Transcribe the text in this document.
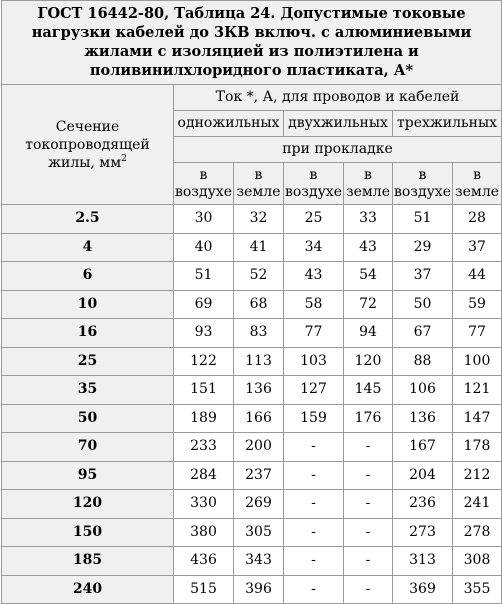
ГОСТ 16442-80, Таблица 24. Допустимые токовые нагрузки кабелей до 3КВ включ. с алюминиевыми жилами с изоляцией из полиэтилена и поливинилхлоридного пластиката, А*						
Сечение токопроводящей жилы, $мм^2$	Ток *, А, для проводов и кабелей					
	одножильных		двухжильных		трехжильных	
	при прокладке					
	в воздухе	в земле	в воздухе	в земле	в воздухе	в земле
2.5	30	32	25	33	51	28
4	40	41	34	43	29	37
6	51	52	43	54	37	44
10	69	68	58	72	50	59
16	93	83	77	94	67	77
25	122	113	103	120	88	100
35	151	136	127	145	106	121
50	189	166	159	176	136	147
70	233	200	-	-	167	178
95	284	237	-	-	204	212
120	330	269	-	-	236	241
150	380	305	-	-	273	278
185	436	343	-	-	313	308
240	515	396	-	-	369	355
